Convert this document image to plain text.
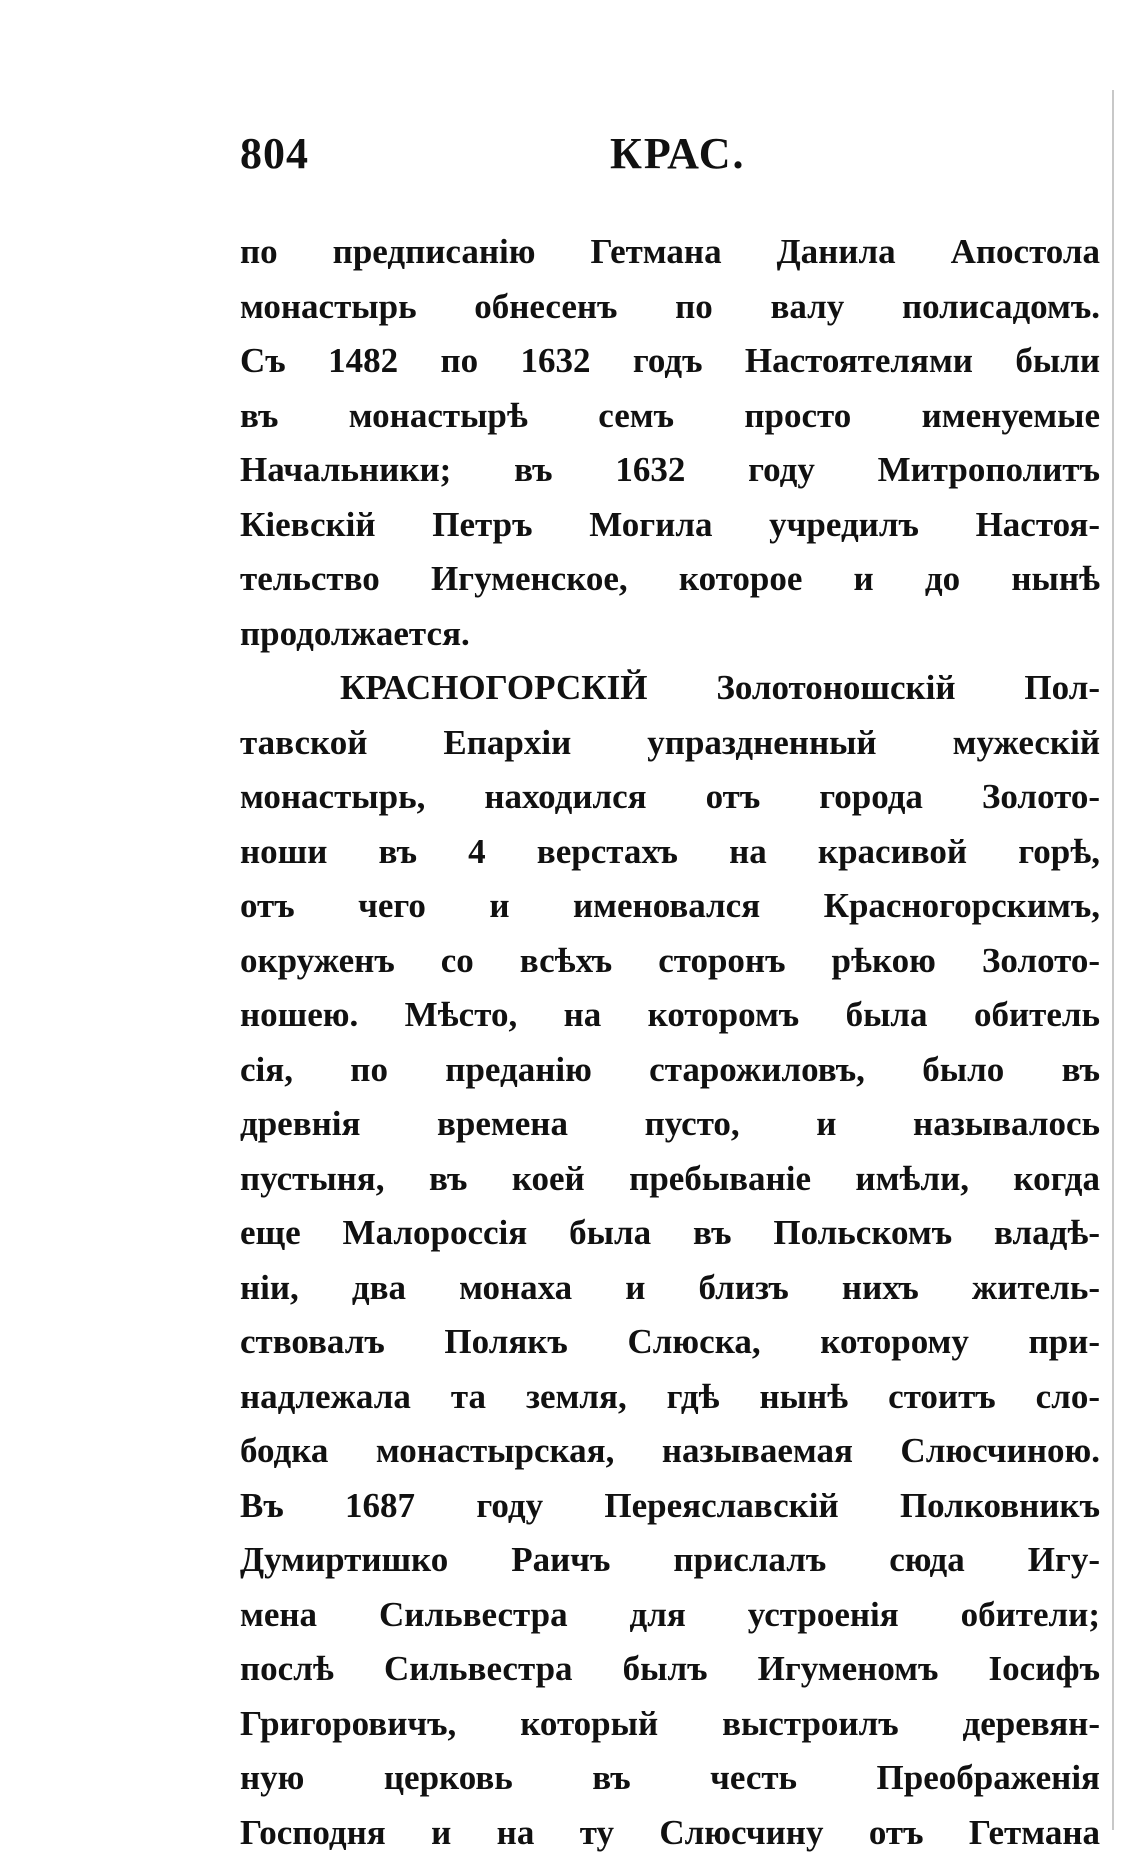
804	КРАС.
по предписанію Гетмана Данила Апостола
монастырь обнесенъ по валу полисадомъ.
Съ 1482 по 1632 годъ Настоятелями были
въ монастырѣ семъ просто именуемые
Начальники; въ 1632 году Митрополитъ
Кіевскій Петръ Могила учредилъ Настоя-
тельство Игуменское, которое и до нынѣ
продолжается.
КРАСНОГОРСКІЙ Золотоношскій Пол-
тавской Епархіи упраздненный мужескій
монастырь, находился отъ города Золото-
ноши въ 4 верстахъ на красивой горѣ,
отъ чего и именовался Красногорскимъ,
окруженъ со всѣхъ сторонъ рѣкою Золото-
ношею. Мѣсто, на которомъ была обитель
сія, по преданію старожиловъ, было въ
древнія времена пусто, и называлось
пустыня, въ коей пребываніе имѣли, когда
еще Малороссія была въ Польскомъ владѣ-
ніи, два монаха и близъ нихъ житель-
ствовалъ Полякъ Слюска, которому при-
надлежала та земля, гдѣ нынѣ стоитъ сло-
бодка монастырская, называемая Слюсчиною.
Въ 1687 году Переяславскій Полковникъ
Думиртишко Раичъ прислалъ сюда Игу-
мена Сильвестра для устроенія обители;
послѣ Сильвестра былъ Игуменомъ Іосифъ
Григоровичъ, который выстроилъ деревян-
ную церковь въ честь Преображенія
Господня и на ту Слюсчину отъ Гетмана
